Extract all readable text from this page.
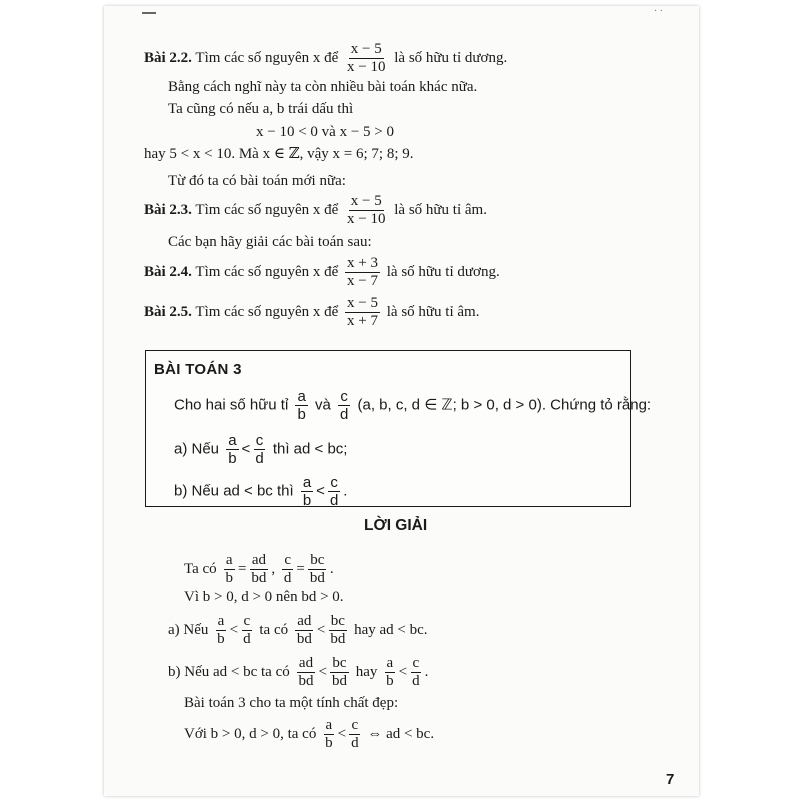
· ·
Bài 2.2. Tìm các số nguyên x để $\frac{x - 5}{x - 10}$ là số hữu tỉ dương.
Bằng cách nghĩ này ta còn nhiều bài toán khác nữa.
Ta cũng có nếu a, b trái dấu thì
x − 10 < 0 và x − 5 > 0
hay 5 < x < 10. Mà x ∈ ℤ, vậy x = 6; 7; 8; 9.
Từ đó ta có bài toán mới nữa:
Bài 2.3. Tìm các số nguyên x để $\frac{x - 5}{x - 10}$ là số hữu tỉ âm.
Các bạn hãy giải các bài toán sau:
Bài 2.4. Tìm các số nguyên x để $\frac{x + 3}{x - 7}$ là số hữu tỉ dương.
Bài 2.5. Tìm các số nguyên x để $\frac{x - 5}{x + 7}$ là số hữu tỉ âm.
BÀI TOÁN 3
Cho hai số hữu tỉ $\frac{a}{b}$ và $\frac{c}{d} (a$, b, c, d ∈ ℤ; b > 0, d > 0). Chứng tỏ rằng:
a) Nếu $\frac{a}{b} < \frac{c}{d}$ thì ad < bc;
b) Nếu ad < bc thì $\frac{a}{b} < \frac{c}{d}$ .
LỜI GIẢI
Ta có $\frac{a}{b} = \frac{ad}{bd}$ , $\frac{c}{d} = \frac{bc}{bd}$ .
Vì b > 0, d > 0 nên bd > 0.
a) Nếu $\frac{a}{b} < \frac{c}{d}$ ta có $\frac{ad}{bd} < \frac{bc}{bd}$ hay ad < bc.
b) Nếu ad < bc ta có $\frac{ad}{bd} < \frac{bc}{bd}$ hay $\frac{a}{b} < \frac{c}{d}$ .
Bài toán 3 cho ta một tính chất đẹp:
Với b > 0, d > 0, ta có $\frac{a}{b} < \frac{c}{d}$ ⇔ ad < bc.
7
